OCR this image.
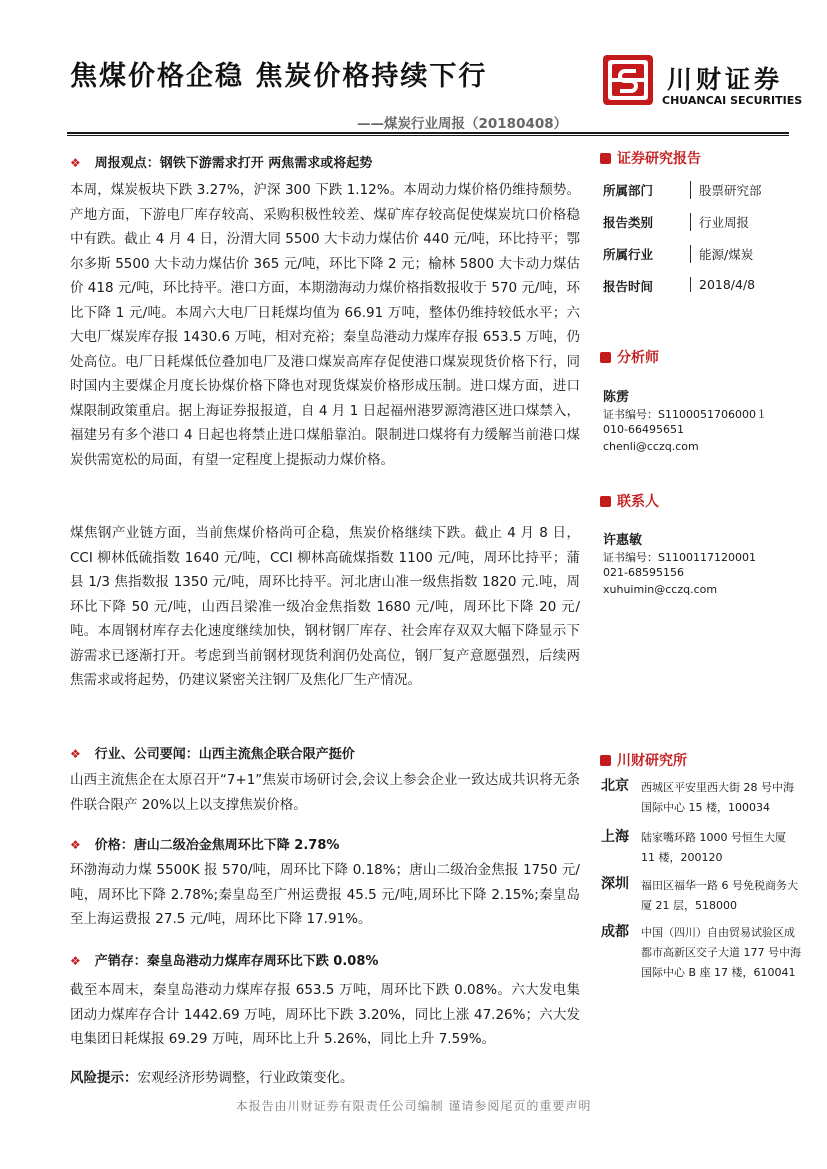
焦煤价格企稳 焦炭价格持续下行
——煤炭行业周报（20180408）
川财证券
CHUANCAI SECURITIES
❖ 周报观点：钢铁下游需求打开 两焦需求或将起势

本周，煤炭板块下跌 3.27%，沪深 300 下跌 1.12%。本周动力煤价格仍维持颓势。产地方面，下游电厂库存较高、采购积极性较差、煤矿库存较高促使煤炭坑口价格稳中有跌。截止 4 月 4 日，汾渭大同 5500 大卡动力煤估价 440 元/吨，环比持平；鄂尔多斯 5500 大卡动力煤估价 365 元/吨，环比下降 2 元；榆林 5800 大卡动力煤估价 418 元/吨，环比持平。港口方面，本期渤海动力煤价格指数报收于 570 元/吨，环比下降 1 元/吨。本周六大电厂日耗煤均值为 66.91 万吨，整体仍维持较低水平；六大电厂煤炭库存报 1430.6 万吨，相对充裕；秦皇岛港动力煤库存报 653.5 万吨，仍处高位。电厂日耗煤低位叠加电厂及港口煤炭高库存促使港口煤炭现货价格下行，同时国内主要煤企月度长协煤价格下降也对现货煤炭价格形成压制。进口煤方面，进口煤限制政策重启。据上海证券报报道，自 4 月 1 日起福州港罗源湾港区进口煤禁入，福建另有多个港口 4 日起也将禁止进口煤船靠泊。限制进口煤将有力缓解当前港口煤炭供需宽松的局面，有望一定程度上提振动力煤价格。

煤焦钢产业链方面，当前焦煤价格尚可企稳，焦炭价格继续下跌。截止 4 月 8 日，CCI 柳林低硫指数 1640 元/吨，CCI 柳林高硫煤指数 1100 元/吨，周环比持平；蒲县 1/3 焦指数报 1350 元/吨，周环比持平。河北唐山准一级焦指数 1820 元.吨，周环比下降 50 元/吨，山西吕梁准一级冶金焦指数 1680 元/吨，周环比下降 20 元/吨。本周钢材库存去化速度继续加快，钢材钢厂库存、社会库存双双大幅下降显示下游需求已逐渐打开。考虑到当前钢材现货利润仍处高位，钢厂复产意愿强烈，后续两焦需求或将起势，仍建议紧密关注钢厂及焦化厂生产情况。

❖ 行业、公司要闻：山西主流焦企联合限产挺价

山西主流焦企在太原召开“7+1”焦炭市场研讨会,会议上参会企业一致达成共识将无条件联合限产 20%以上以支撑焦炭价格。

❖ 价格：唐山二级冶金焦周环比下降 2.78%

环渤海动力煤 5500K 报 570/吨，周环比下降 0.18%；唐山二级冶金焦报 1750 元/吨，周环比下降 2.78%;秦皇岛至广州运费报 45.5 元/吨,周环比下降 2.15%;秦皇岛至上海运费报 27.5 元/吨，周环比下降 17.91%。

❖ 产销存：秦皇岛港动力煤库存周环比下跌 0.08%

截至本周末，秦皇岛港动力煤库存报 653.5 万吨，周环比下跌 0.08%。六大发电集团动力煤库存合计 1442.69 万吨，周环比下跌 3.20%，同比上涨 47.26%；六大发电集团日耗煤报 69.29 万吨，周环比上升 5.26%，同比上升 7.59%。

风险提示：宏观经济形势调整，行业政策变化。
证券研究报告
所属部门	股票研究部
报告类别	行业周报
所属行业	能源/煤炭
报告时间	2018/4/8
分析师
陈雳
证书编号：S1100051706000１
010-66495651
chenli@cczq.com
联系人
许惠敏
证书编号：S1100117120001
021-68595156
xuhuimin@cczq.com
川财研究所
北京 西城区平安里西大街 28 号中海国际中心 15 楼，100034
上海 陆家嘴环路 1000 号恒生大厦 11 楼，200120
深圳 福田区福华一路 6 号免税商务大厦 21 层，518000
成都 中国（四川）自由贸易试验区成都市高新区交子大道 177 号中海国际中心 B 座 17 楼，610041
本报告由川财证券有限责任公司编制 谨请参阅尾页的重要声明
